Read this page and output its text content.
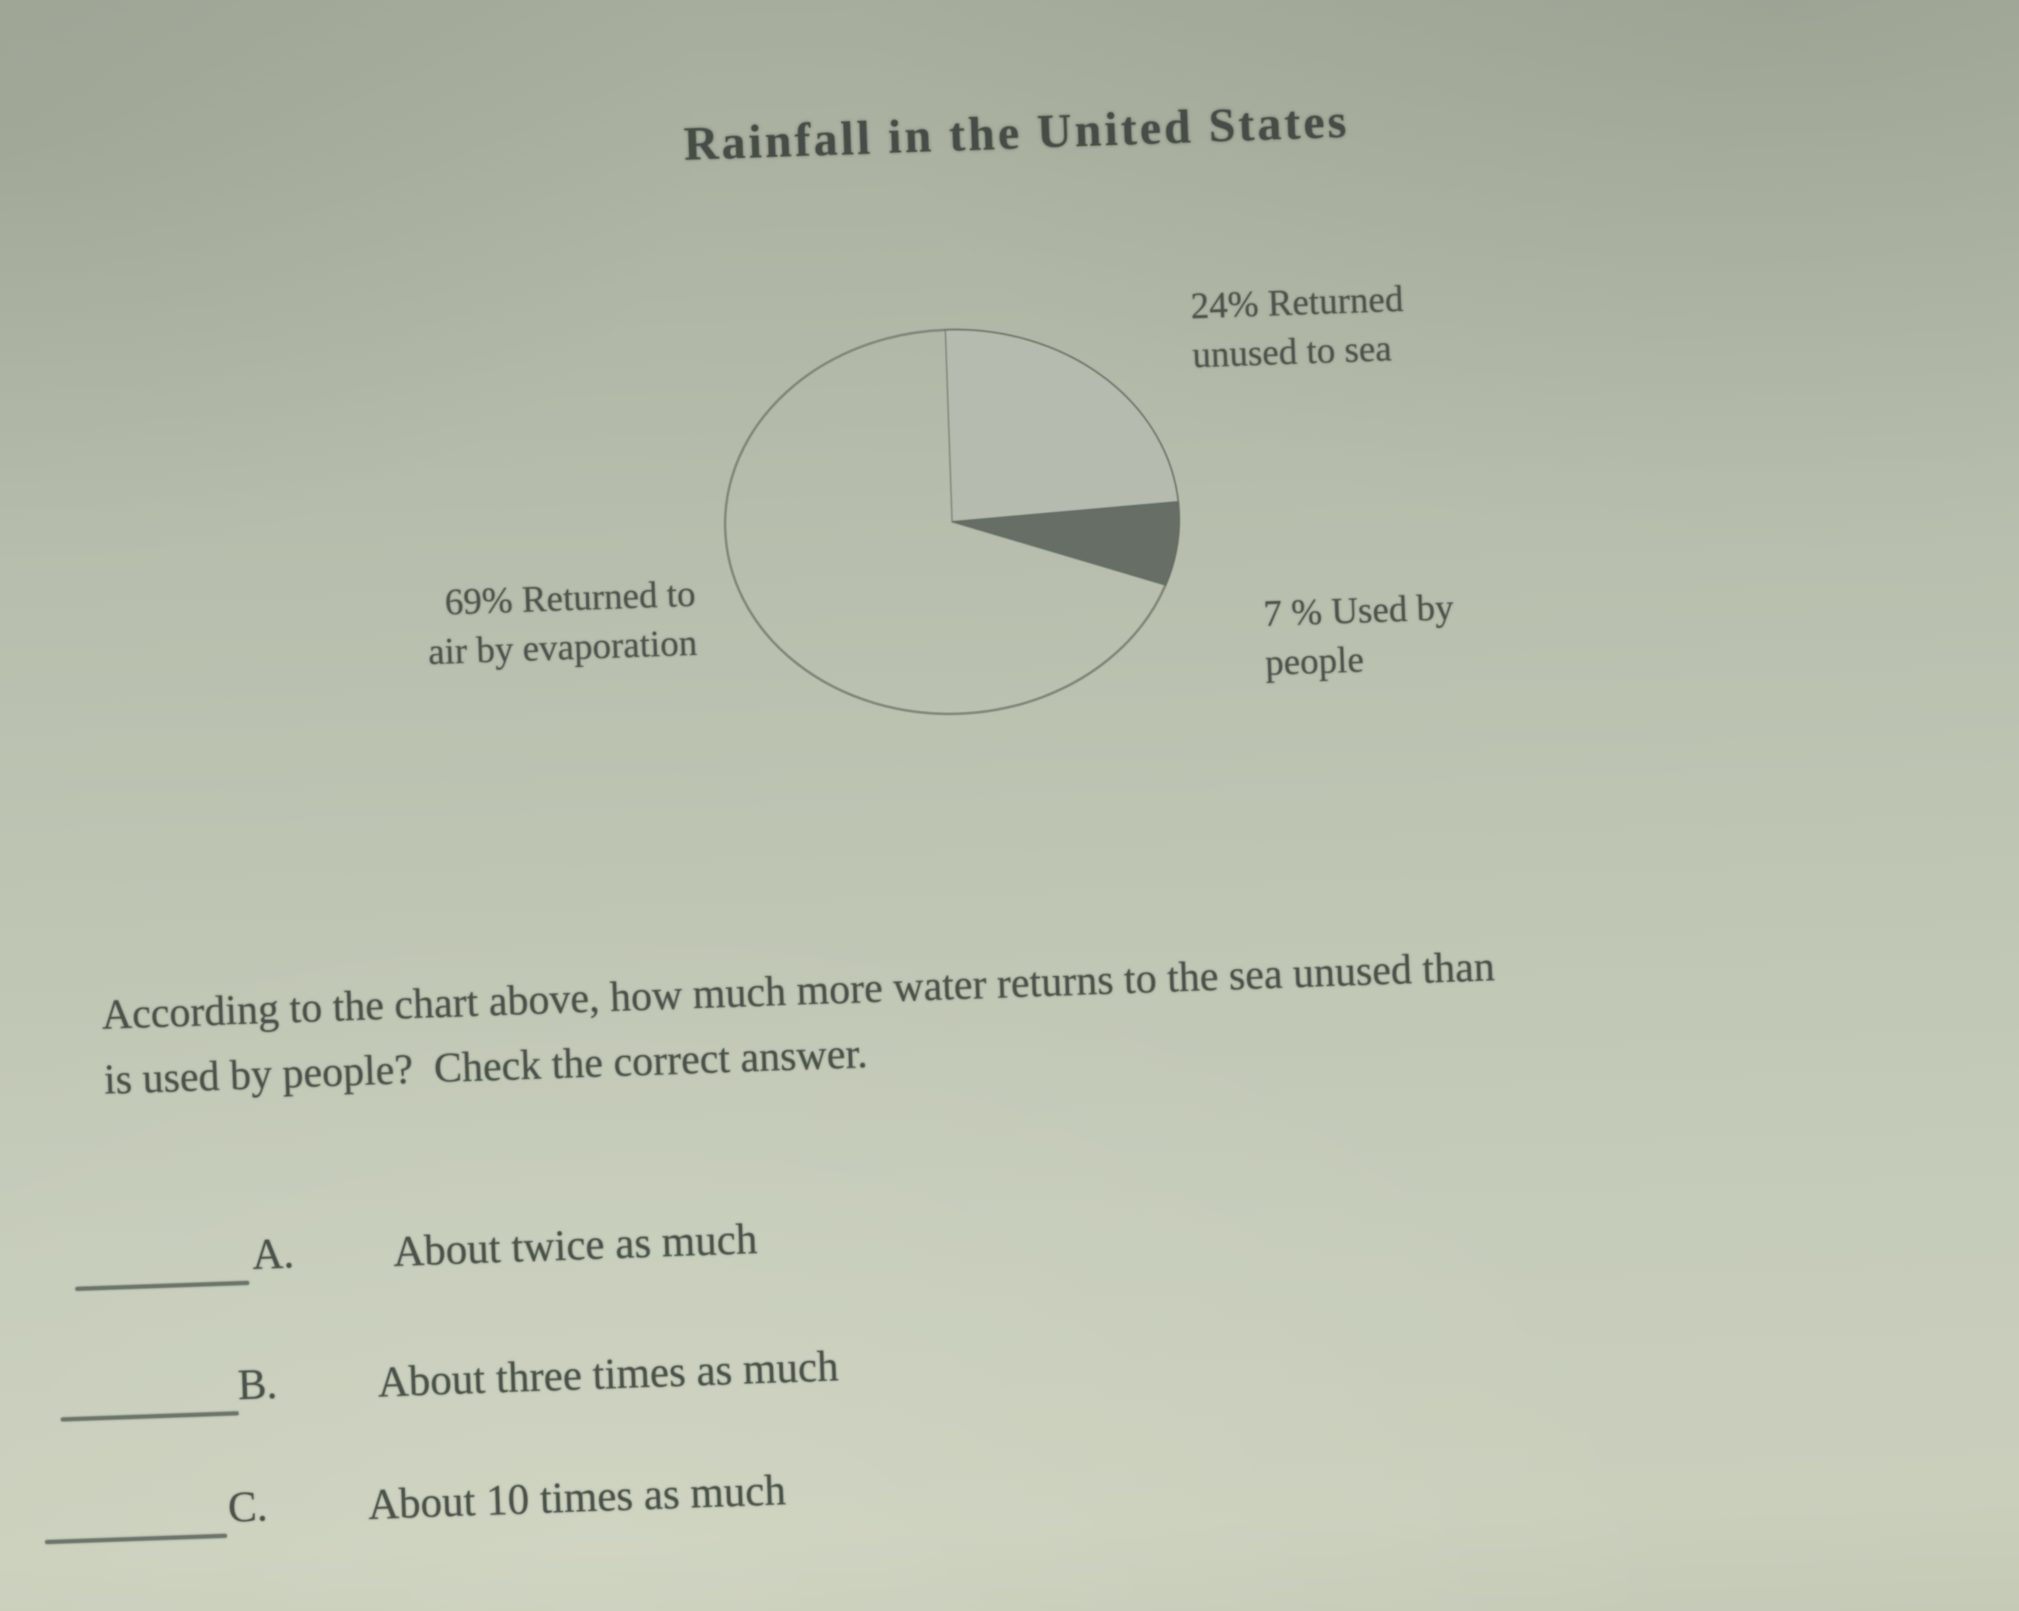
Rainfall in the United States
24% Returned
unused to sea
7 % Used by
people
69% Returned to
air by evaporation
According to the chart above, how much more water returns to the sea unused than
is used by people?  Check the correct answer.
A. About twice as much
B. About three times as much
C. About 10 times as much
